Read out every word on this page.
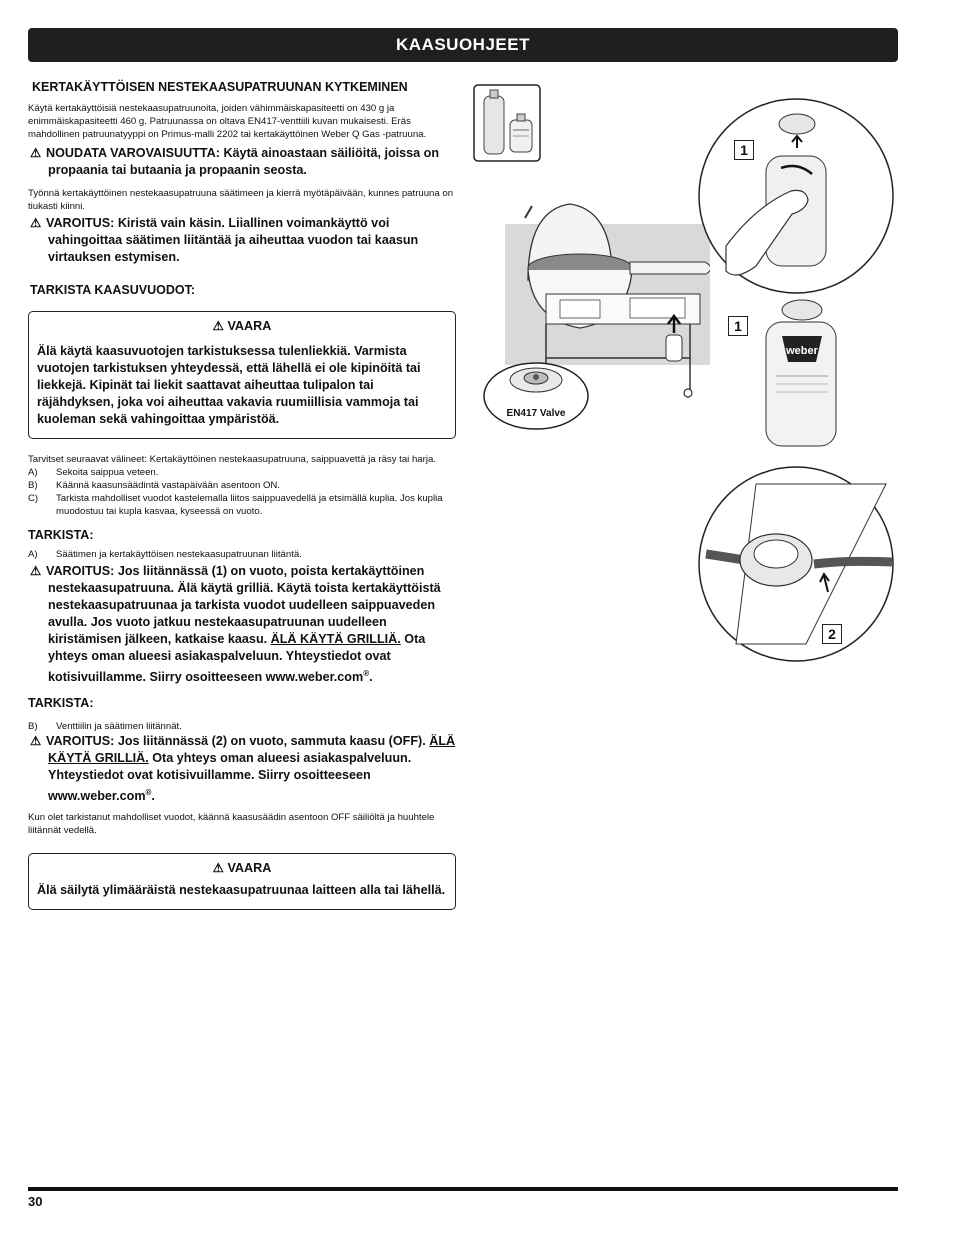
KAASUOHJEET

KERTAKÄYTTÖISEN NESTEKAASUPATRUUNAN KYTKEMINEN

Käytä kertakäyttöisiä nestekaasupatruunoita, joiden vähimmäiskapasiteetti on 430 g ja enimmäiskapasiteetti 460 g. Patruunassa on oltava EN417-venttiili kuvan mukaisesti. Eräs mahdollinen patruunatyyppi on Primus-malli 2202 tai kertakäyttöinen Weber Q Gas -patruuna.

⚠ NOUDATA VAROVAISUUTTA: Käytä ainoastaan säiliöitä, joissa on propaania tai butaania ja propaanin seosta.

Työnnä kertakäyttöinen nestekaasupatruuna säätimeen ja kierrä myötäpäivään, kunnes patruuna on tiukasti kiinni.

⚠ VAROITUS: Kiristä vain käsin. Liiallinen voimankäyttö voi vahingoittaa säätimen liitäntää ja aiheuttaa vuodon tai kaasun virtauksen estymisen.

TARKISTA KAASUVUODOT:

⚠ VAARA

Älä käytä kaasuvuotojen tarkistuksessa tulenliekkiä. Varmista vuotojen tarkistuksen yhteydessä, että lähellä ei ole kipinöitä tai liekkejä. Kipinät tai liekit saattavat aiheuttaa tulipalon tai räjähdyksen, joka voi aiheuttaa vakavia ruumiillisia vammoja tai kuoleman sekä vahingoittaa ympäristöä.

Tarvitset seuraavat välineet: Kertakäyttöinen nestekaasupatruuna, saippuavettä ja räsy tai harja.

A)	Sekoita saippua veteen.
B)	Käännä kaasunsäädintä vastapäivään asentoon ON.
C)	Tarkista mahdolliset vuodot kastelemalla liitos saippuavedellä ja etsimällä kuplia. Jos kuplia muodostuu tai kupla kasvaa, kyseessä on vuoto.

TARKISTA:

A)	Säätimen ja kertakäyttöisen nestekaasupatruunan liitäntä.

⚠ VAROITUS: Jos liitännässä (1) on vuoto, poista kertakäyttöinen nestekaasupatruuna. Älä käytä grilliä. Käytä toista kertakäyttöistä nestekaasupatruunaa ja tarkista vuodot uudelleen saippuaveden avulla. Jos vuoto jatkuu nestekaasupatruunan uudelleen kiristämisen jälkeen, katkaise kaasu. ÄLÄ KÄYTÄ GRILLIÄ. Ota yhteys oman alueesi asiakaspalveluun. Yhteystiedot ovat kotisivuillamme. Siirry osoitteeseen www.weber.com®.

TARKISTA:

B)	Venttiilin ja säätimen liitännät.

⚠ VAROITUS: Jos liitännässä (2) on vuoto, sammuta kaasu (OFF). ÄLÄ KÄYTÄ GRILLIÄ. Ota yhteys oman alueesi asiakaspalveluun. Yhteystiedot ovat kotisivuillamme. Siirry osoitteeseen www.weber.com®.

Kun olet tarkistanut mahdolliset vuodot, käännä kaasusäädin asentoon OFF säiliöltä ja huuhtele liitännät vedellä.

⚠ VAARA

Älä säilytä ylimääräistä nestekaasupatruunaa laitteen alla tai lähellä.

EN417 Valve
1
weber
1
2
30
